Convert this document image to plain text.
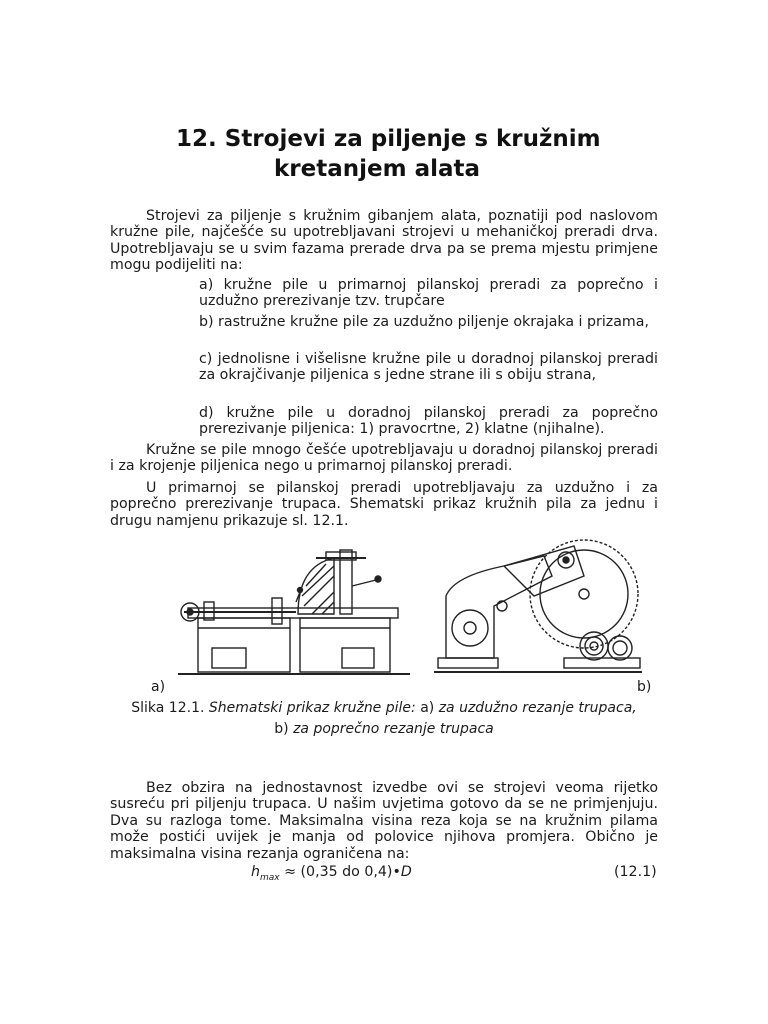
12. Strojevi za piljenje s kružnim
kretanjem alata
Strojevi za piljenje s kružnim gibanjem alata, poznatiji pod naslovom kružne pile, najčešće su upotrebljavani strojevi u mehaničkoj preradi drva. Upotrebljavaju se u svim fazama prerade drva pa se prema mjestu primjene mogu podijeliti na:
a) kružne pile u primarnoj pilanskoj preradi za poprečno i uzdužno prerezivanje tzv. trupčare
b) rastružne kružne pile za uzdužno piljenje okrajaka i prizama,
c) jednolisne i višelisne kružne pile u doradnoj pilanskoj preradi za okrajčivanje piljenica s jedne strane ili s obiju strana,
d) kružne pile u doradnoj pilanskoj preradi za poprečno prerezivanje piljenica: 1) pravocrtne, 2) klatne (njihalne).
Kružne se pile mnogo češće upotrebljavaju u doradnoj pilanskoj preradi i za krojenje piljenica nego u primarnoj pilanskoj preradi.
U primarnoj se pilanskoj preradi upotrebljavaju za uzdužno i za poprečno prerezivanje trupaca. Shematski prikaz kružnih pila za jednu i drugu namjenu prikazuje sl. 12.1.
a)	b)
Slika 12.1. Shematski prikaz kružne pile: a) za uzdužno rezanje trupaca,
b) za poprečno rezanje trupaca
Bez obzira na jednostavnost izvedbe ovi se strojevi veoma rijetko susreću pri piljenju trupaca. U našim uvjetima gotovo da se ne primjenjuju. Dva su razloga tome. Maksimalna visina reza koja se na kružnim pilama može postići uvijek je manja od polovice njihova promjera. Obično je maksimalna visina rezanja ograničena na:
$h_{max} \approx (0,35$ do 0,4)•D	(12.1)
